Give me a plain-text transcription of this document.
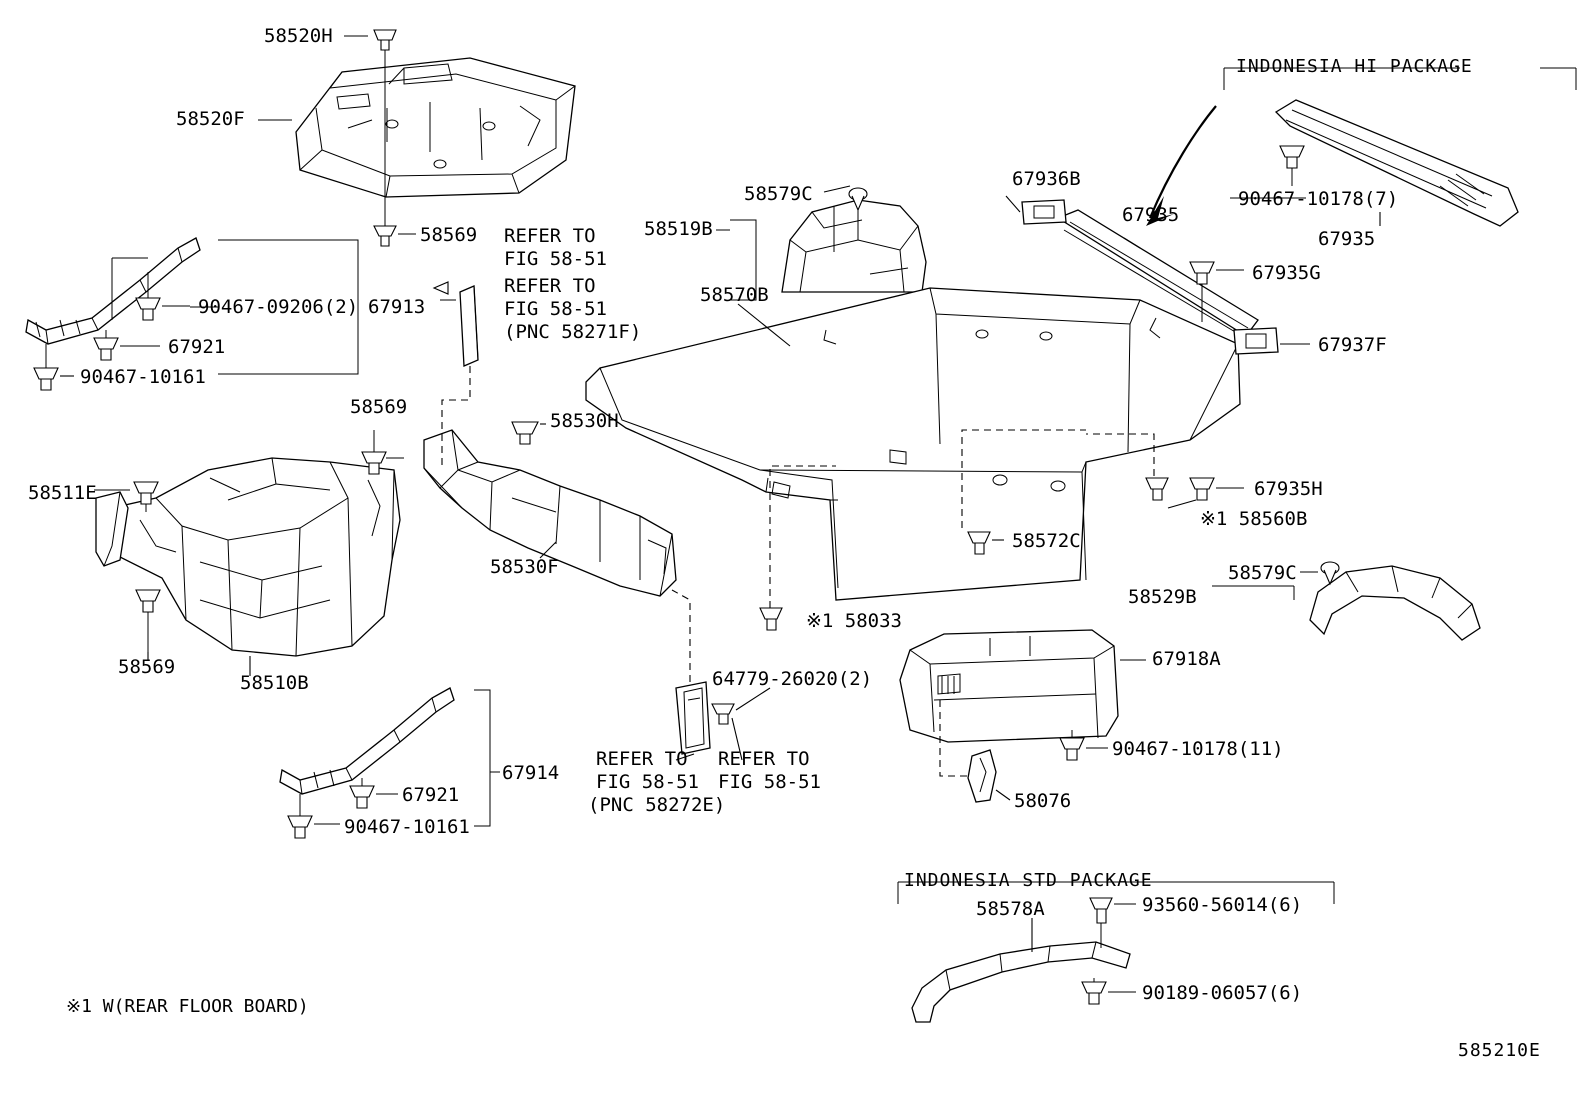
58520H
58520F
58569
90467-09206(2) 67913
67921
90467-10161
REFER TO
FIG 58-51
REFER TO
FIG 58-51
(PNC 58271F)
58569
58530H
58511E
58530F
58569
58510B
67914
67921
90467-10161
64779-26020(2)
REFER TO
FIG 58-51
(PNC 58272E)
REFER TO
FIG 58-51
58579C
58519B
58570B
※1 58033
58572C
67936B
67935
90467-10178(7)
67935
67935G
67937F
67935H
※1 58560B
58579C
58529B
67918A
90467-10178(11)
58076
INDONESIA HI PACKAGE
INDONESIA STD PACKAGE
58578A	93560-56014(6)
90189-06057(6)
※1 W(REAR FLOOR BOARD)
585210E
